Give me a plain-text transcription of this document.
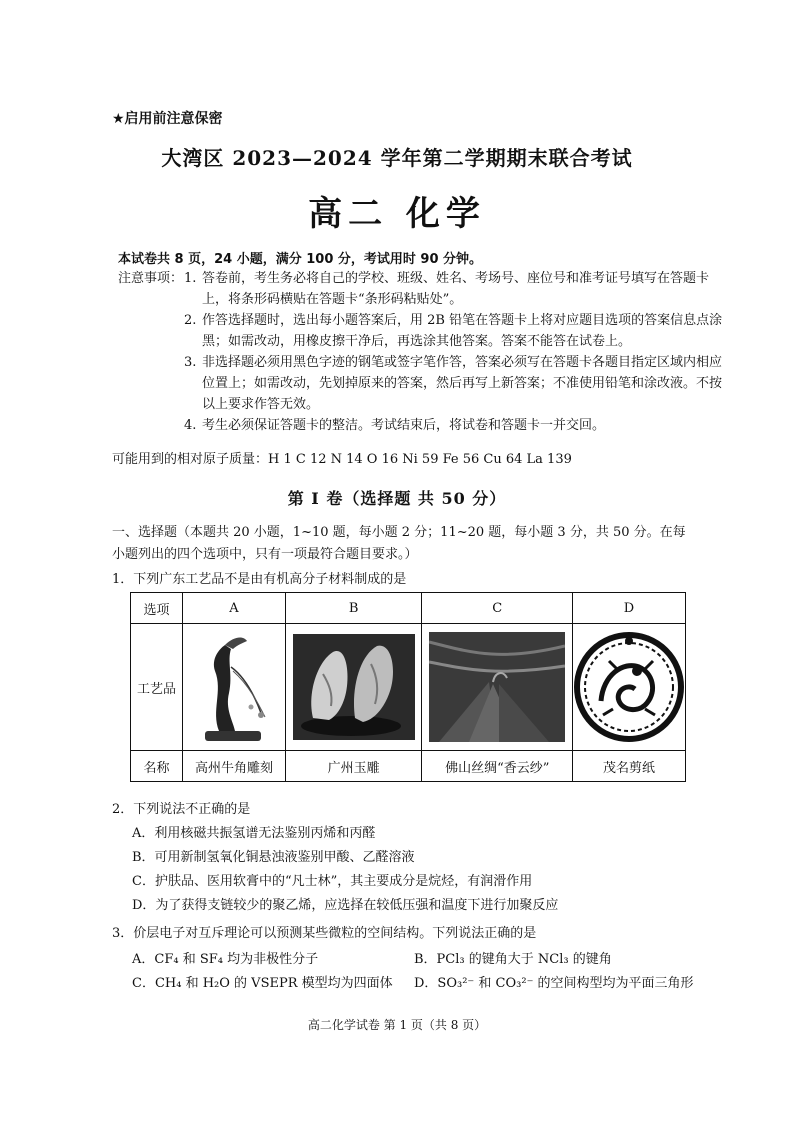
★启用前注意保密
大湾区 2023—2024 学年第二学期期末联合考试
高二 化学
本试卷共 8 页，24 小题，满分 100 分，考试用时 90 分钟。
注意事项： 1. 答卷前，考生务必将自己的学校、班级、姓名、考场号、座位号和准考证号填写在答题卡上，将条形码横贴在答题卡“条形码粘贴处”。
2. 作答选择题时，选出每小题答案后，用 2B 铅笔在答题卡上将对应题目选项的答案信息点涂黑；如需改动，用橡皮擦干净后，再选涂其他答案。答案不能答在试卷上。
3. 非选择题必须用黑色字迹的钢笔或签字笔作答，答案必须写在答题卡各题目指定区域内相应位置上；如需改动，先划掉原来的答案，然后再写上新答案；不准使用铅笔和涂改液。不按以上要求作答无效。
4. 考生必须保证答题卡的整洁。考试结束后，将试卷和答题卡一并交回。
可能用到的相对原子质量：H 1 C 12 N 14 O 16 Ni 59 Fe 56 Cu 64 La 139
第 I 卷（选择题 共 50 分）
一、选择题（本题共 20 小题，1~10 题，每小题 2 分；11~20 题，每小题 3 分，共 50 分。在每小题列出的四个选项中，只有一项最符合题目要求。）
1．下列广东工艺品不是由有机高分子材料制成的是
选项	A	B	C	D
工艺品	

名称	高州牛角雕刻	广州玉雕	佛山丝绸“香云纱”	茂名剪纸
2．下列说法不正确的是
A．利用核磁共振氢谱无法鉴别丙烯和丙醛
B．可用新制氢氧化铜悬浊液鉴别甲酸、乙醛溶液
C．护肤品、医用软膏中的“凡士林”，其主要成分是烷烃，有润滑作用
D．为了获得支链较少的聚乙烯，应选择在较低压强和温度下进行加聚反应
3．价层电子对互斥理论可以预测某些微粒的空间结构。下列说法正确的是
A．CF₄ 和 SF₄ 均为非极性分子	B．PCl₃ 的键角大于 NCl₃ 的键角
C．CH₄ 和 H₂O 的 VSEPR 模型均为四面体 D．SO₃²⁻ 和 CO₃²⁻ 的空间构型均为平面三角形
高二化学试卷 第 1 页（共 8 页）
